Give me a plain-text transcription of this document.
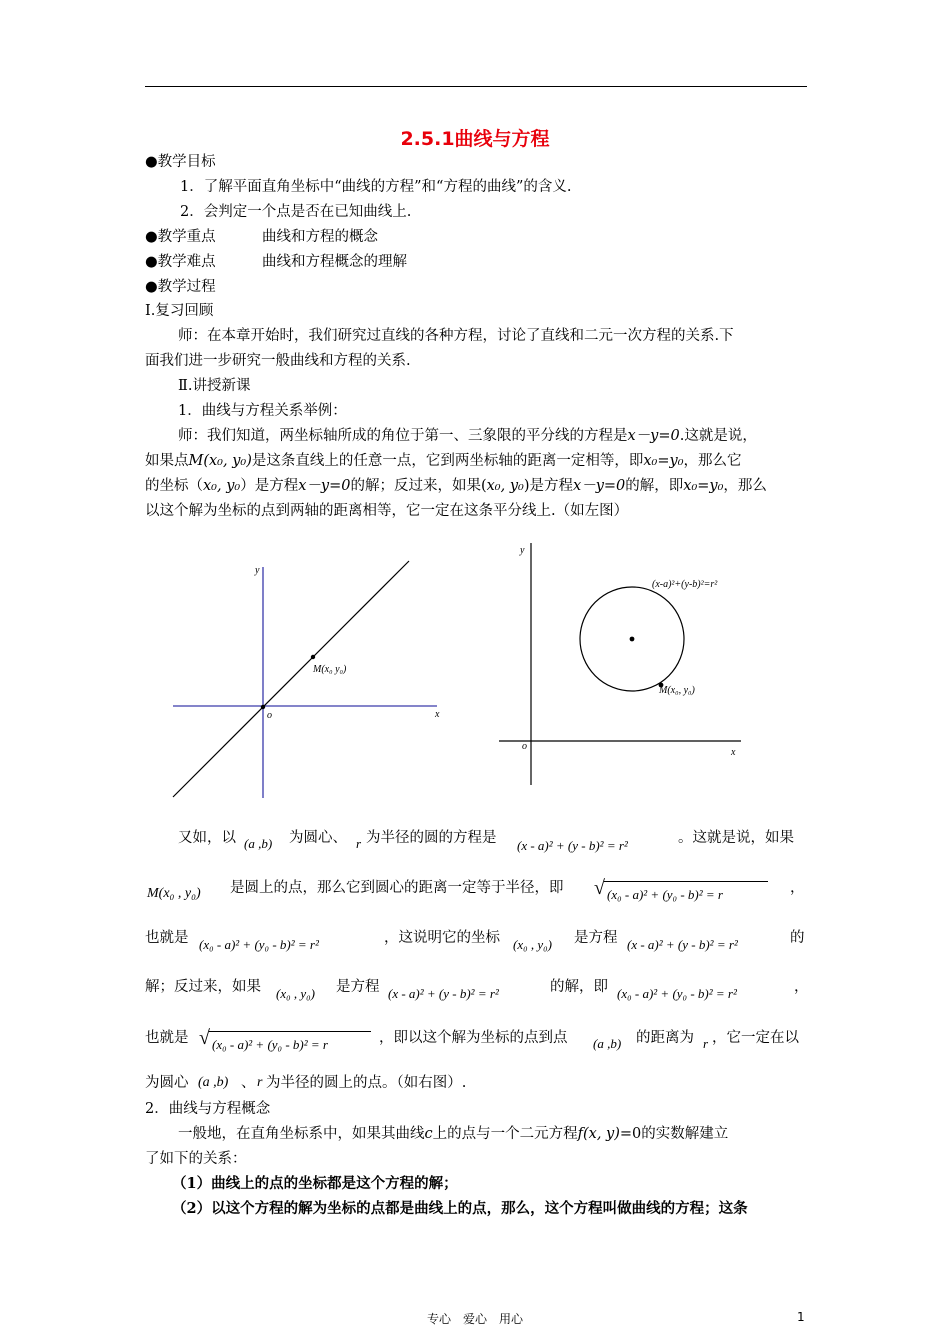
2.5.1曲线与方程
●教学目标
1．了解平面直角坐标中“曲线的方程”和“方程的曲线”的含义.
2．会判定一个点是否在已知曲线上.
●教学重点	曲线和方程的概念
●教学难点	曲线和方程概念的理解
●教学过程
Ⅰ.复习回顾
师：在本章开始时，我们研究过直线的各种方程，讨论了直线和二元一次方程的关系.下
面我们进一步研究一般曲线和方程的关系.
Ⅱ.讲授新课
1．曲线与方程关系举例：
师：我们知道，两坐标轴所成的角位于第一、三象限的平分线的方程是x－y=0.这就是说，
如果点M(x₀, y₀)是这条直线上的任意一点，它到两坐标轴的距离一定相等，即x₀=y₀，那么它
的坐标（x₀, y₀）是方程x－y=0的解；反过来，如果(x₀, y₀)是方程x－y=0的解，即x₀=y₀，那么
以这个解为坐标的点到两轴的距离相等，它一定在这条平分线上.（如左图）
y
x
o
M(x₀ y₀)
y
x
o
(x-a)²+(y-b)²=r²
M(x₀, y₀)
又如，以 (a ,b) 为圆心、 r 为半径的圆的方程是 (x - a)² + (y - b)² = r²	。这就是说，如果
M(x₀ , y₀) 是圆上的点，那么它到圆心的距离一定等于半径，即 √ (x₀ - a)² + (y₀ - b)² = r	，
也就是 (x₀ - a)² + (y₀ - b)² = r²	，这说明它的坐标 (x₀ , y₀) 是方程 (x - a)² + (y - b)² = r²	的
解；反过来，如果 (x₀ , y₀) 是方程 (x - a)² + (y - b)² = r²	的解，即 (x₀ - a)² + (y₀ - b)² = r²	，
也就是 √ (x₀ - a)² + (y₀ - b)² = r	，即以这个解为坐标的点到点 (a ,b) 的距离为 r ，它一定在以
为圆心 (a ,b) 、 r 为半径的圆上的点。（如右图）.
2．曲线与方程概念
一般地，在直角坐标系中，如果其曲线c上的点与一个二元方程f(x, y)=0的实数解建立
了如下的关系：
（1）曲线上的点的坐标都是这个方程的解；
（2）以这个方程的解为坐标的点都是曲线上的点，那么，这个方程叫做曲线的方程；这条
专心　爱心　用心	1
